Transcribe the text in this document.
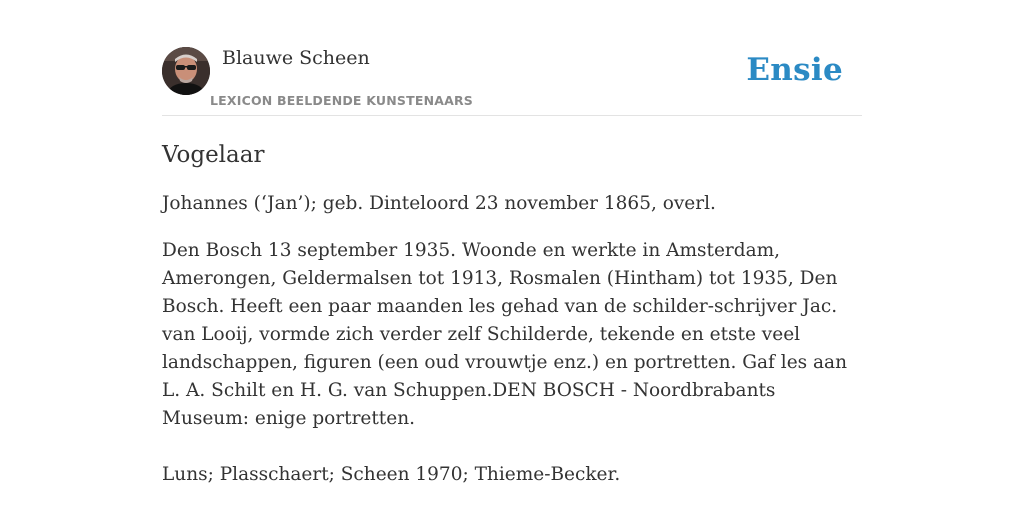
Blauwe Scheen
LEXICON BEELDENDE KUNSTENAARS
Ensie
Vogelaar

Johannes (‘Jan’); geb. Dinteloord 23 november 1865, overl.

Den Bosch 13 september 1935. Woonde en werkte in Amsterdam, Amerongen, Geldermalsen tot 1913, Rosmalen (Hintham) tot 1935, Den Bosch. Heeft een paar maanden les gehad van de schilder-schrijver Jac. van Looij, vormde zich verder zelf Schilderde, tekende en etste veel landschappen, figuren (een oud vrouwtje enz.) en portretten. Gaf les aan L. A. Schilt en H. G. van Schuppen.DEN BOSCH - Noordbrabants Museum: enige portretten.

Luns; Plasschaert; Scheen 1970; Thieme-Becker.
